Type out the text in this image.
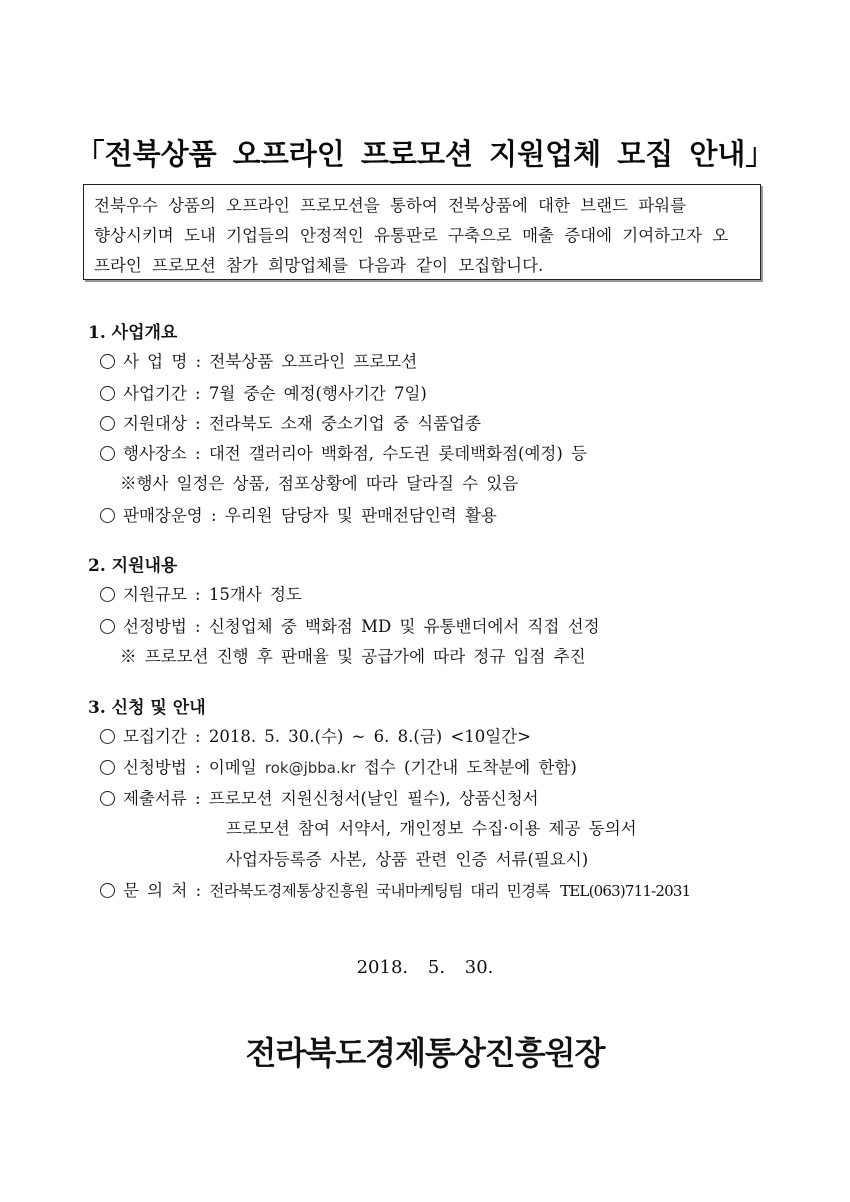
「전북상품 오프라인 프로모션 지원업체 모집 안내」
전북우수 상품의 오프라인 프로모션을 통하여 전북상품에 대한 브랜드 파워를
향상시키며 도내 기업들의 안정적인 유통판로 구축으로 매출 증대에 기여하고자 오
프라인 프로모션 참가 희망업체를 다음과 같이 모집합니다.
1. 사업개요
사 업 명 : 전북상품 오프라인 프로모션
사업기간 : 7월 중순 예정(행사기간 7일)
지원대상 : 전라북도 소재 중소기업 중 식품업종
행사장소 : 대전 갤러리아 백화점, 수도권 롯데백화점(예정) 등
※행사 일정은 상품, 점포상황에 따라 달라질 수 있음
판매장운영 : 우리원 담당자 및 판매전담인력 활용
2. 지원내용
지원규모 : 15개사 정도
선정방법 : 신청업체 중 백화점 MD 및 유통밴더에서 직접 선정
※ 프로모션 진행 후 판매율 및 공급가에 따라 정규 입점 추진
3. 신청 및 안내
모집기간 : 2018. 5. 30.(수) ~ 6. 8.(금) <10일간>
신청방법 : 이메일 rok@jbba.kr 접수 (기간내 도착분에 한함)
제출서류 : 프로모션 지원신청서(날인 필수), 상품신청서
프로모션 참여 서약서, 개인정보 수집·이용 제공 동의서
사업자등록증 사본, 상품 관련 인증 서류(필요시)
문 의 처 : 전라북도경제통상진흥원 국내마케팅팀 대리 민경록 TEL(063)711-2031
2018. 5. 30.
전라북도경제통상진흥원장
